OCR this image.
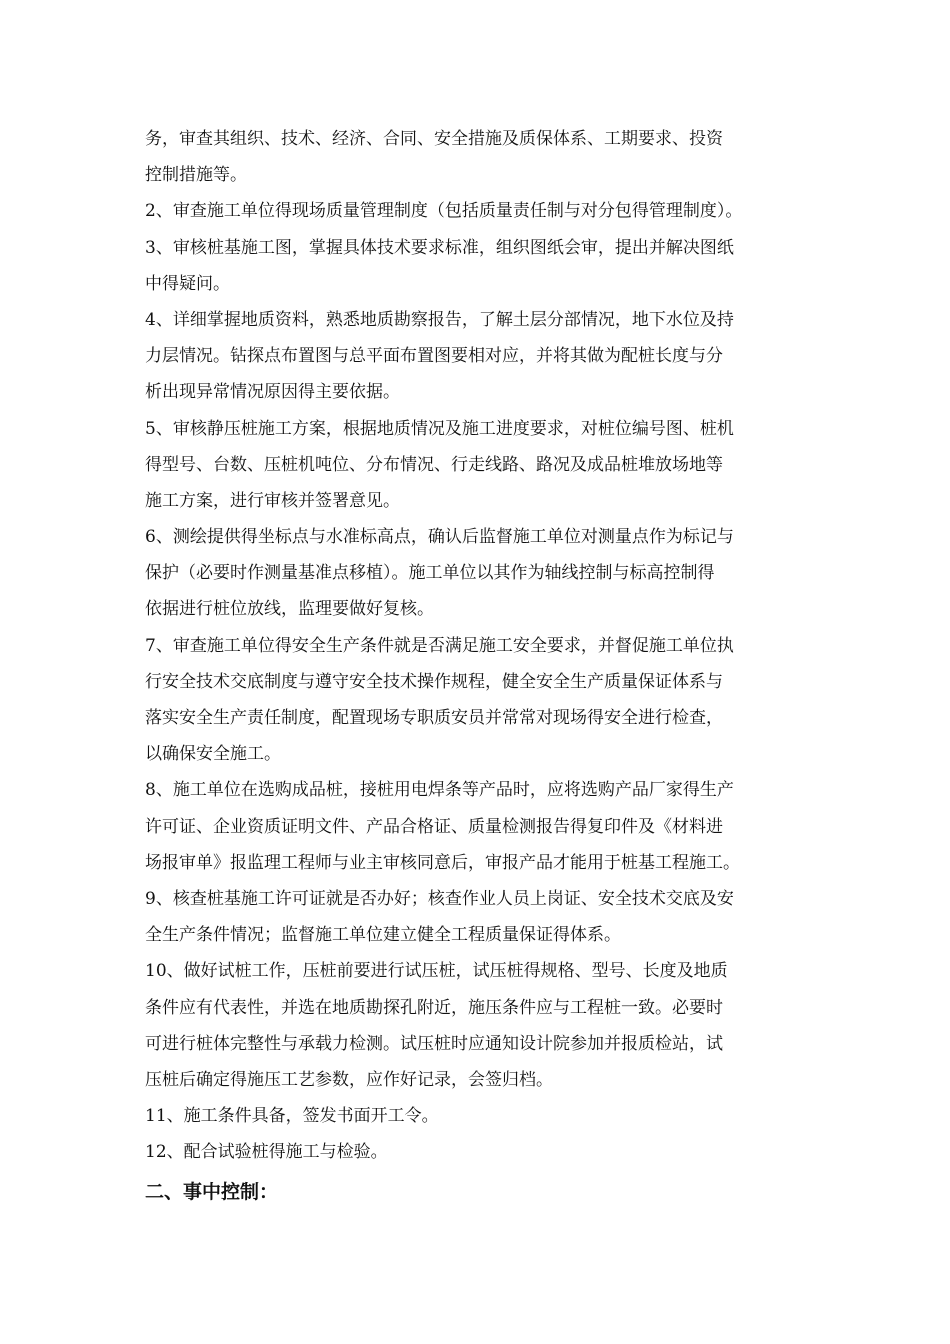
务，审查其组织、技术、经济、合同、安全措施及质保体系、工期要求、投资
控制措施等。
2、审查施工单位得现场质量管理制度（包括质量责任制与对分包得管理制度）。
3、审核桩基施工图，掌握具体技术要求标准，组织图纸会审，提出并解决图纸
中得疑问。
4、详细掌握地质资料，熟悉地质勘察报告，了解土层分部情况，地下水位及持
力层情况。钻探点布置图与总平面布置图要相对应，并将其做为配桩长度与分
析出现异常情况原因得主要依据。
5、审核静压桩施工方案，根据地质情况及施工进度要求，对桩位编号图、桩机
得型号、台数、压桩机吨位、分布情况、行走线路、路况及成品桩堆放场地等
施工方案，进行审核并签署意见。
6、测绘提供得坐标点与水准标高点，确认后监督施工单位对测量点作为标记与
保护（必要时作测量基准点移植）。施工单位以其作为轴线控制与标高控制得
依据进行桩位放线，监理要做好复核。
7、审查施工单位得安全生产条件就是否满足施工安全要求，并督促施工单位执
行安全技术交底制度与遵守安全技术操作规程，健全安全生产质量保证体系与
落实安全生产责任制度，配置现场专职质安员并常常对现场得安全进行检查，
以确保安全施工。
8、施工单位在选购成品桩，接桩用电焊条等产品时，应将选购产品厂家得生产
许可证、企业资质证明文件、产品合格证、质量检测报告得复印件及《材料进
场报审单》报监理工程师与业主审核同意后，审报产品才能用于桩基工程施工。
9、核查桩基施工许可证就是否办好；核查作业人员上岗证、安全技术交底及安
全生产条件情况；监督施工单位建立健全工程质量保证得体系。
10、做好试桩工作，压桩前要进行试压桩，试压桩得规格、型号、长度及地质
条件应有代表性，并选在地质勘探孔附近，施压条件应与工程桩一致。必要时
可进行桩体完整性与承载力检测。试压桩时应通知设计院参加并报质检站，试
压桩后确定得施压工艺参数，应作好记录，会签归档。
11、施工条件具备，签发书面开工令。
12、配合试验桩得施工与检验。
二、事中控制：
